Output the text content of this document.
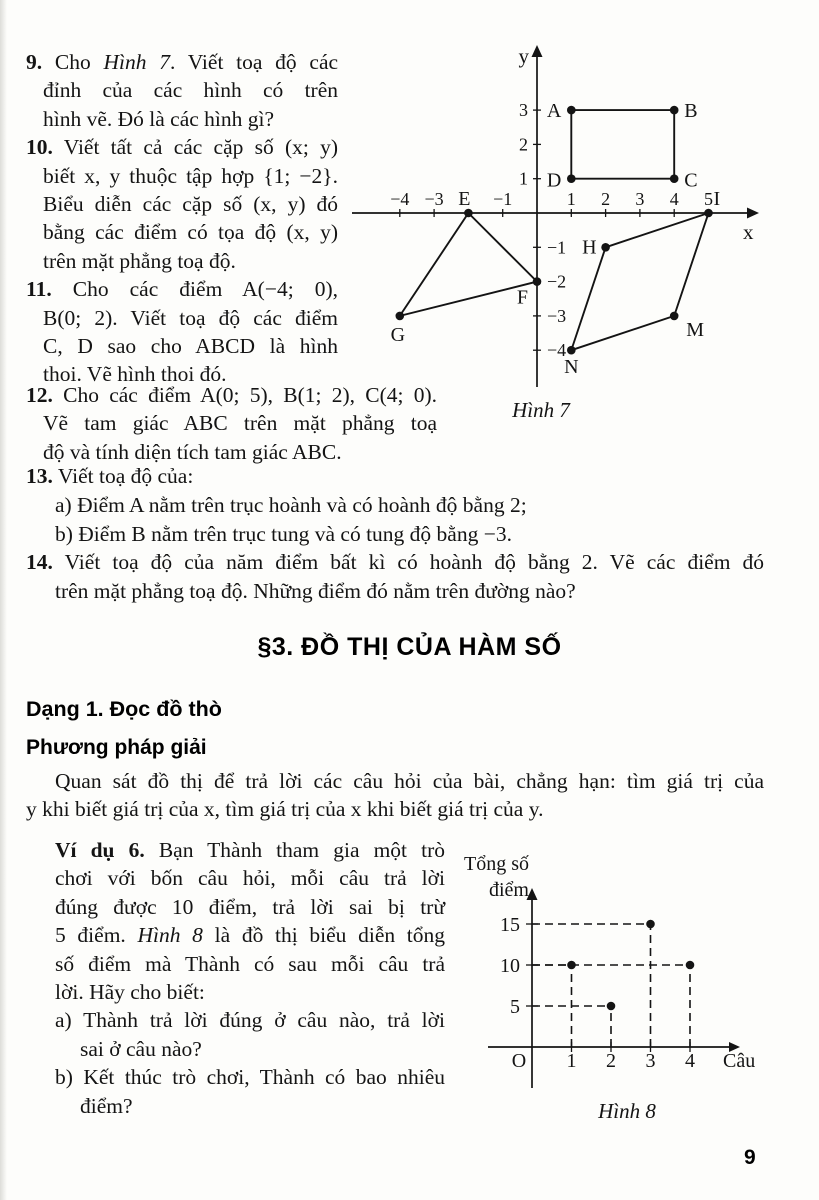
9. Cho Hình 7. Viết toạ độ các
đỉnh của các hình có trên
hình vẽ. Đó là các hình gì?
10. Viết tất cả các cặp số (x; y)
biết x, y thuộc tập hợp {1; −2}.
Biểu diễn các cặp số (x, y) đó
bằng các điểm có tọa độ (x, y)
trên mặt phẳng toạ độ.
11. Cho các điểm A(−4; 0),
B(0; 2). Viết toạ độ các điểm
C, D sao cho ABCD là hình
thoi. Vẽ hình thoi đó.
12. Cho các điểm A(0; 5), B(1; 2), C(4; 0).
Vẽ tam giác ABC trên mặt phẳng toạ
độ và tính diện tích tam giác ABC.
13. Viết toạ độ của:
a) Điểm A nằm trên trục hoành và có hoành độ bằng 2;
b) Điểm B nằm trên trục tung và có tung độ bằng −3.
14. Viết toạ độ của năm điểm bất kì có hoành độ bằng 2. Vẽ các điểm đó
trên mặt phẳng toạ độ. Những điểm đó nằm trên đường nào?
§3. ĐỒ THỊ CỦA HÀM SỐ
Dạng 1. Đọc đồ thò
Phương pháp giải
Quan sát đồ thị để trả lời các câu hỏi của bài, chẳng hạn: tìm giá trị của
y khi biết giá trị của x, tìm giá trị của x khi biết giá trị của y.
Ví dụ 6. Bạn Thành tham gia một trò
chơi với bốn câu hỏi, mỗi câu trả lời
đúng được 10 điểm, trả lời sai bị trừ
5 điểm. Hình 8 là đồ thị biểu diễn tổng
số điểm mà Thành có sau mỗi câu trả
lời. Hãy cho biết:
a) Thành trả lời đúng ở câu nào, trả lời
sai ở câu nào?
b) Kết thúc trò chơi, Thành có bao nhiêu
điểm?
x
y
−4 −3	−1	1 2 3 4 5
1
2
3
−1
−2
−3
−4
A	B
C
D
E
F
G
H
I
M
N
Hình 7
1 2 3 4
5
10
15
O	Câu
Tổng số
điểm
Hình 8
9
